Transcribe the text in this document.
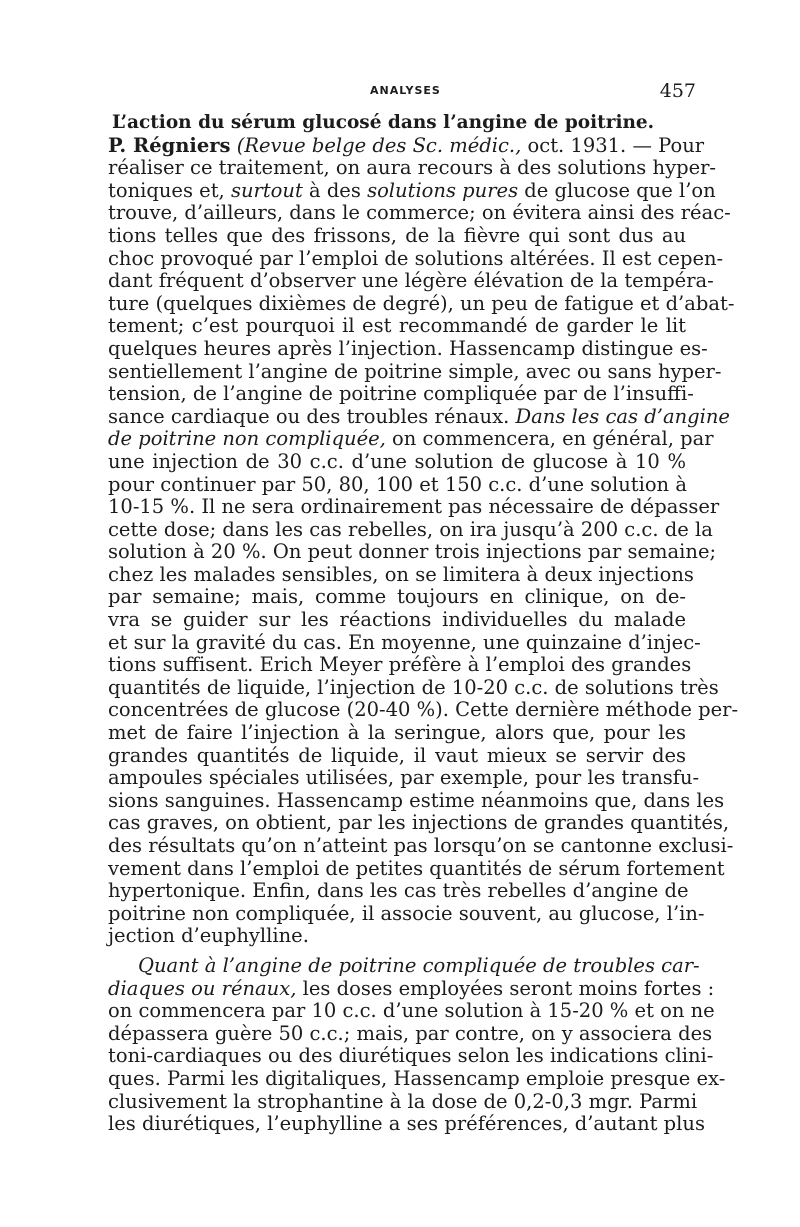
ANALYSES	457
L’action du sérum glucosé dans l’angine de poitrine.
P. Régniers (Revue belge des Sc. médic., oct. 1931. — Pour
réaliser ce traitement, on aura recours à des solutions hyper-
toniques et, surtout à des solutions pures de glucose que l’on
trouve, d’ailleurs, dans le commerce; on évitera ainsi des réac-
tions telles que des frissons, de la fièvre qui sont dus au
choc provoqué par l’emploi de solutions altérées. Il est cepen-
dant fréquent d’observer une légère élévation de la tempéra-
ture (quelques dixièmes de degré), un peu de fatigue et d’abat-
tement; c’est pourquoi il est recommandé de garder le lit
quelques heures après l’injection. Hassencamp distingue es-
sentiellement l’angine de poitrine simple, avec ou sans hyper-
tension, de l’angine de poitrine compliquée par de l’insuffi-
sance cardiaque ou des troubles rénaux. Dans les cas d’angine
de poitrine non compliquée, on commencera, en général, par
une injection de 30 c.c. d’une solution de glucose à 10 %
pour continuer par 50, 80, 100 et 150 c.c. d’une solution à
10-15 %. Il ne sera ordinairement pas nécessaire de dépasser
cette dose; dans les cas rebelles, on ira jusqu’à 200 c.c. de la
solution à 20 %. On peut donner trois injections par semaine;
chez les malades sensibles, on se limitera à deux injections
par semaine; mais, comme toujours en clinique, on de-
vra se guider sur les réactions individuelles du malade
et sur la gravité du cas. En moyenne, une quinzaine d’injec-
tions suffisent. Erich Meyer préfère à l’emploi des grandes
quantités de liquide, l’injection de 10-20 c.c. de solutions très
concentrées de glucose (20-40 %). Cette dernière méthode per-
met de faire l’injection à la seringue, alors que, pour les
grandes quantités de liquide, il vaut mieux se servir des
ampoules spéciales utilisées, par exemple, pour les transfu-
sions sanguines. Hassencamp estime néanmoins que, dans les
cas graves, on obtient, par les injections de grandes quantités,
des résultats qu’on n’atteint pas lorsqu’on se cantonne exclusi-
vement dans l’emploi de petites quantités de sérum fortement
hypertonique. Enfin, dans les cas très rebelles d’angine de
poitrine non compliquée, il associe souvent, au glucose, l’in-
jection d’euphylline.
Quant à l’angine de poitrine compliquée de troubles car-
diaques ou rénaux, les doses employées seront moins fortes :
on commencera par 10 c.c. d’une solution à 15-20 % et on ne
dépassera guère 50 c.c.; mais, par contre, on y associera des
toni-cardiaques ou des diurétiques selon les indications clini-
ques. Parmi les digitaliques, Hassencamp emploie presque ex-
clusivement la strophantine à la dose de 0,2-0,3 mgr. Parmi
les diurétiques, l’euphylline a ses préférences, d’autant plus
